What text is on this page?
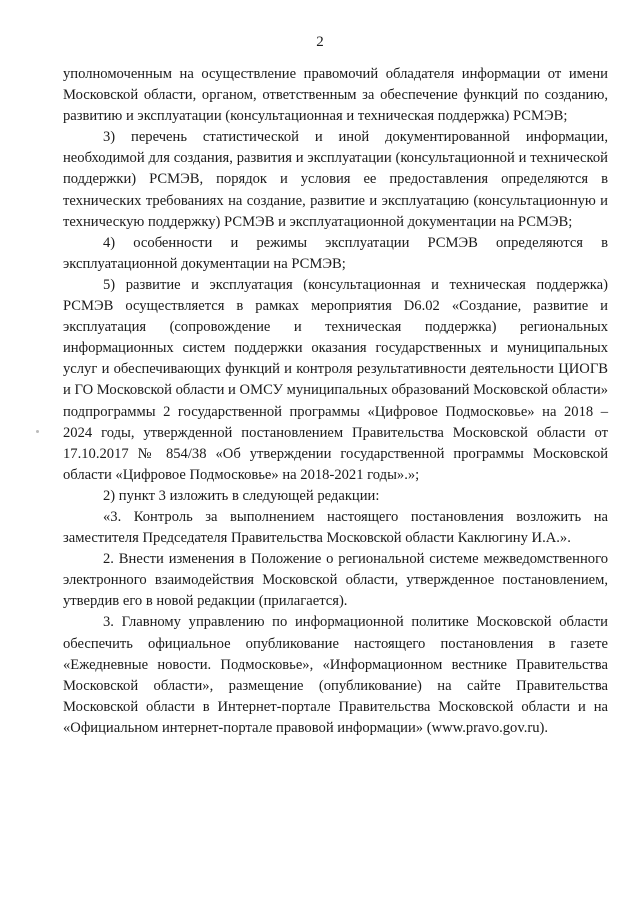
2

уполномоченным на осуществление правомочий обладателя информации от имени Московской области, органом, ответственным за обеспечение функций по созданию, развитию и эксплуатации (консультационная и техническая поддержка) РСМЭВ;

3) перечень статистической и иной документированной информации, необходимой для создания, развития и эксплуатации (консультационной и технической поддержки) РСМЭВ, порядок и условия ее предоставления определяются в технических требованиях на создание, развитие и эксплуатацию (консультационную и техническую поддержку) РСМЭВ и эксплуатационной документации на РСМЭВ;

4) особенности и режимы эксплуатации РСМЭВ определяются в эксплуатационной документации на РСМЭВ;

5) развитие и эксплуатация (консультационная и техническая поддержка) РСМЭВ осуществляется в рамках мероприятия D6.02 «Создание, развитие и эксплуатация (сопровождение и техническая поддержка) региональных информационных систем поддержки оказания государственных и муниципальных услуг и обеспечивающих функций и контроля результативности деятельности ЦИОГВ и ГО Московской области и ОМСУ муниципальных образований Московской области» подпрограммы 2 государственной программы «Цифровое Подмосковье» на 2018 – 2024 годы, утвержденной постановлением Правительства Московской области от 17.10.2017 № 854/38 «Об утверждении государственной программы Московской области «Цифровое Подмосковье» на 2018-2021 годы».»;

2) пункт 3 изложить в следующей редакции:

«3. Контроль за выполнением настоящего постановления возложить на заместителя Председателя Правительства Московской области Каклюгину И.А.».

2. Внести изменения в Положение о региональной системе межведомственного электронного взаимодействия Московской области, утвержденное постановлением, утвердив его в новой редакции (прилагается).

3. Главному управлению по информационной политике Московской области обеспечить официальное опубликование настоящего постановления в газете «Ежедневные новости. Подмосковье», «Информационном вестнике Правительства Московской области», размещение (опубликование) на сайте Правительства Московской области в Интернет-портале Правительства Московской области и на «Официальном интернет-портале правовой информации» (www.pravo.gov.ru).
